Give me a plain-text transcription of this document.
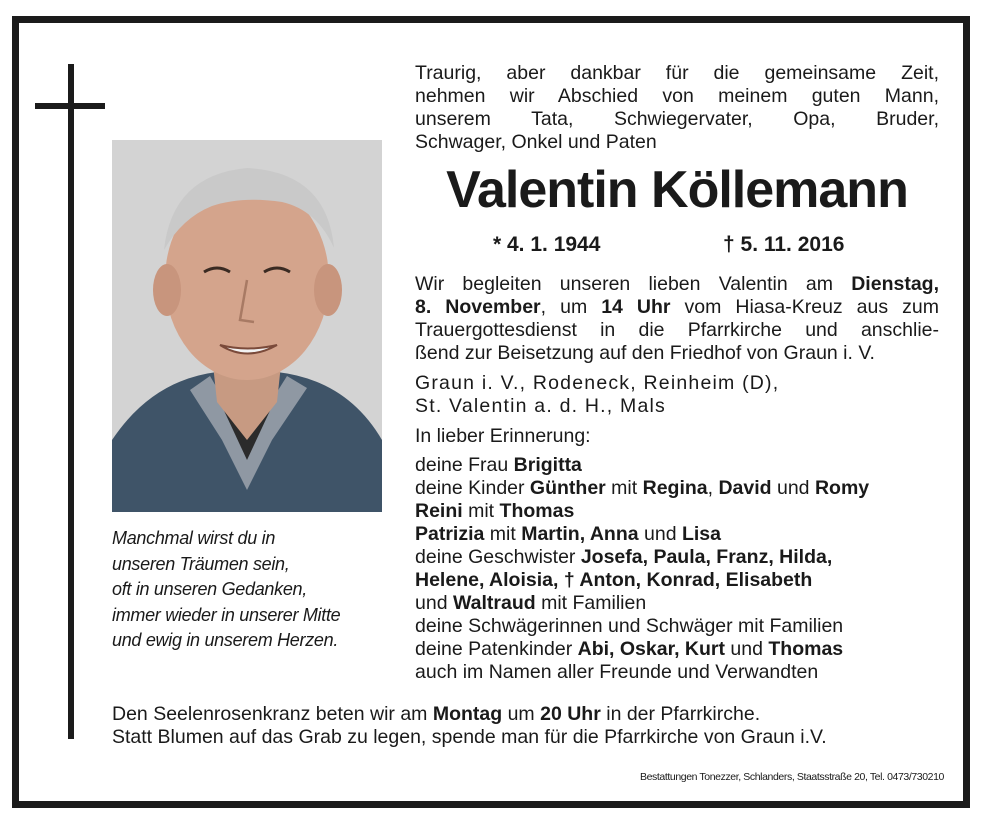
Manchmal wirst du in
unseren Träumen sein,
oft in unseren Gedanken,
immer wieder in unserer Mitte
und ewig in unserem Herzen.
Traurig, aber dankbar für die gemeinsame Zeit,
nehmen wir Abschied von meinem guten Mann,
unserem Tata, Schwiegervater, Opa, Bruder,
Schwager, Onkel und Paten
Valentin Köllemann
* 4. 1. 1944	† 5. 11. 2016
Wir begleiten unseren lieben Valentin am Dienstag,
8. November, um 14 Uhr vom Hiasa-Kreuz aus zum
Trauergottesdienst in die Pfarrkirche und anschlie-
ßend zur Beisetzung auf den Friedhof von Graun i. V.
Graun i. V., Rodeneck, Reinheim (D),
St. Valentin a. d. H., Mals
In lieber Erinnerung:
deine Frau Brigitta
deine Kinder Günther mit Regina, David und Romy
Reini mit Thomas
Patrizia mit Martin, Anna und Lisa
deine Geschwister Josefa, Paula, Franz, Hilda,
Helene, Aloisia, † Anton, Konrad, Elisabeth
und Waltraud mit Familien
deine Schwägerinnen und Schwäger mit Familien
deine Patenkinder Abi, Oskar, Kurt und Thomas
auch im Namen aller Freunde und Verwandten
Den Seelenrosenkranz beten wir am Montag um 20 Uhr in der Pfarrkirche.
Statt Blumen auf das Grab zu legen, spende man für die Pfarrkirche von Graun i.V.
Bestattungen Tonezzer, Schlanders, Staatsstraße 20, Tel. 0473/730210
